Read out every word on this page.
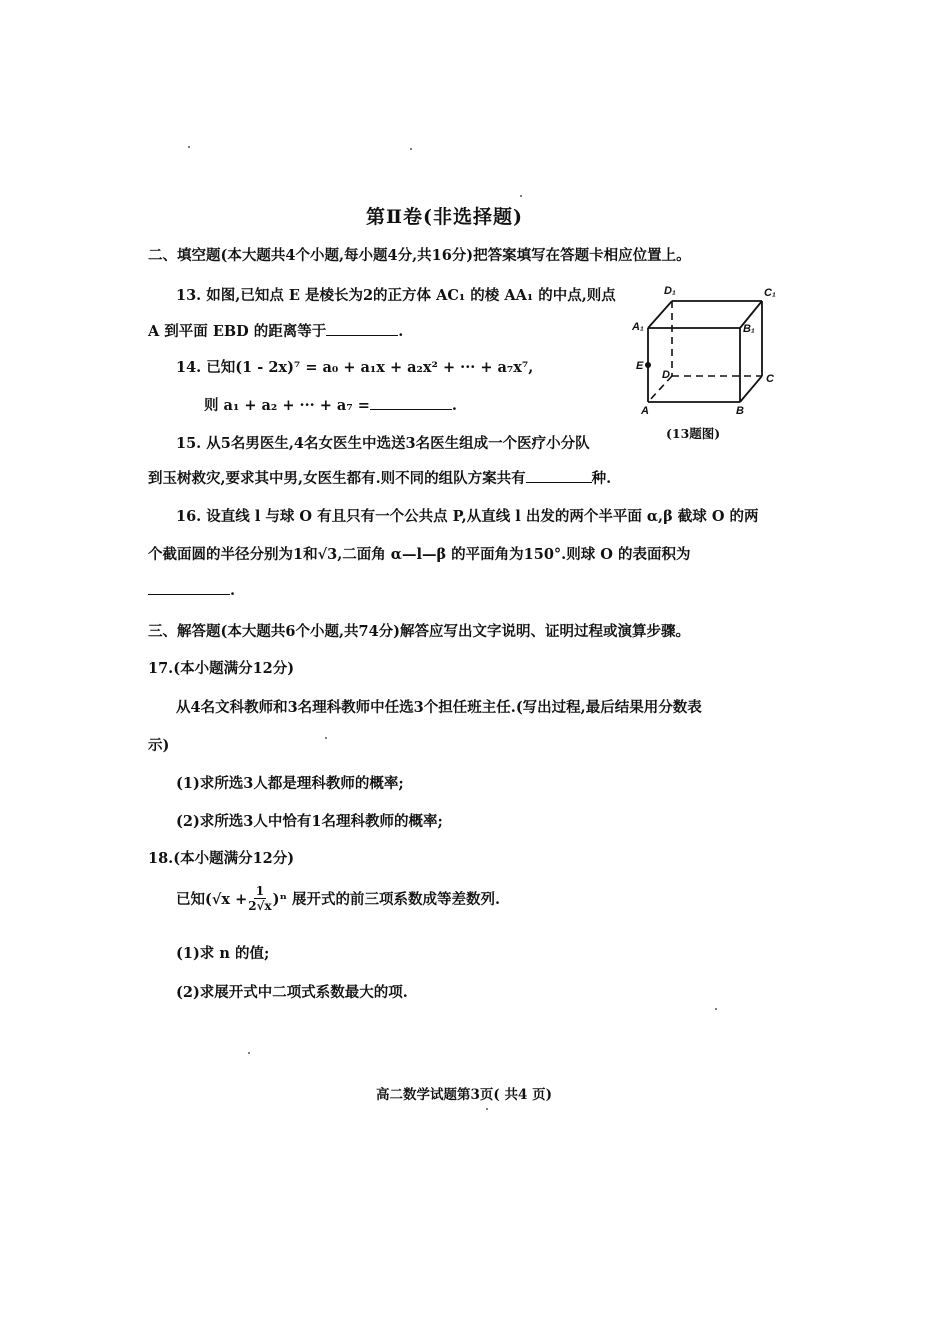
第Ⅱ卷(非选择题)
二、填空题(本大题共4个小题,每小题4分,共16分)把答案填写在答题卡相应位置上。
13. 如图,已知点 E 是棱长为2的正方体 AC₁ 的棱 AA₁ 的中点,则点
A 到平面 EBD 的距离等于	.
14. 已知(1 - 2x)⁷ = a₀ + a₁x + a₂x² + ··· + a₇x⁷,
则 a₁ + a₂ + ··· + a₇ =	.
15. 从5名男医生,4名女医生中选送3名医生组成一个医疗小分队
到玉树救灾,要求其中男,女医生都有.则不同的组队方案共有	种.
16. 设直线 l 与球 O 有且只有一个公共点 P,从直线 l 出发的两个半平面 α,β 截球 O 的两
个截面圆的半径分别为1和√3,二面角 α—l—β 的平面角为150°.则球 O 的表面积为
.
D₁	C₁
A₁	B₁
E
D	C
A	B
(13题图)
三、解答题(本大题共6个小题,共74分)解答应写出文字说明、证明过程或演算步骤。
17.(本小题满分12分)
从4名文科教师和3名理科教师中任选3个担任班主任.(写出过程,最后结果用分数表
示)
(1)求所选3人都是理科教师的概率;
(2)求所选3人中恰有1名理科教师的概率;
18.(本小题满分12分)
已知$(√x + \frac{1}{2√x} )^n$ 展开式的前三项系数成等差数列.
(1)求 n 的值;
(2)求展开式中二项式系数最大的项.
高二数学试题第3页( 共4 页)
